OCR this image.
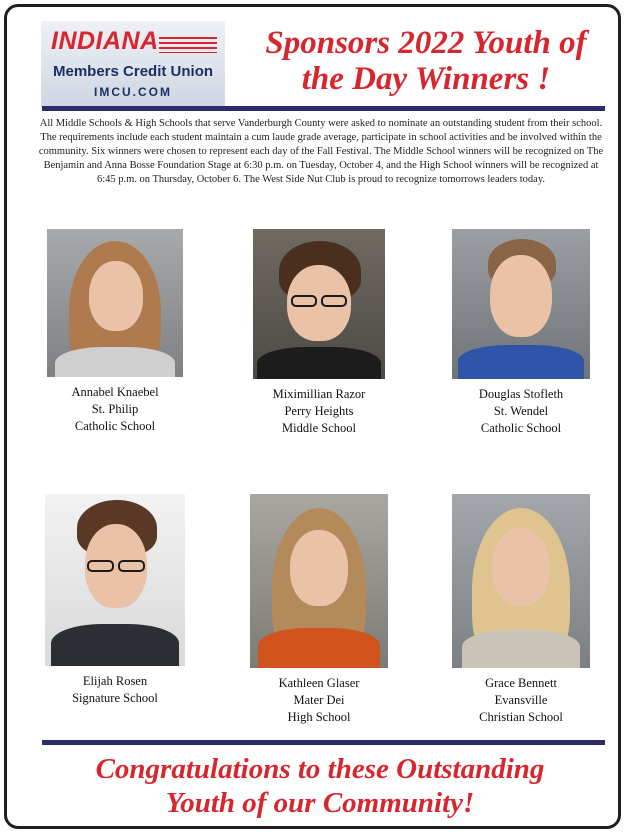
INDIANA
Members Credit Union
IMCU.COM
Sponsors 2022 Youth of
the Day Winners !
All Middle Schools & High Schools that serve Vanderburgh County were asked to nominate an outstanding student from their school. The requirements include each student maintain a cum laude grade average, participate in school activities and be involved within the community. Six winners were chosen to represent each day of the Fall Festival. The Middle School winners will be recognized on The Benjamin and Anna Bosse Foundation Stage at 6:30 p.m. on Tuesday, October 4, and the High School winners will be recognized at 6:45 p.m. on Thursday, October 6. The West Side Nut Club is proud to recognize tomorrows leaders today.
Annabel Knaebel
St. Philip
Catholic School
Miximillian Razor
Perry Heights
Middle School
Douglas Stofleth
St. Wendel
Catholic School
Elijah Rosen
Signature School
Kathleen Glaser
Mater Dei
High School
Grace Bennett
Evansville
Christian School
Congratulations to these Outstanding
Youth of our Community!
